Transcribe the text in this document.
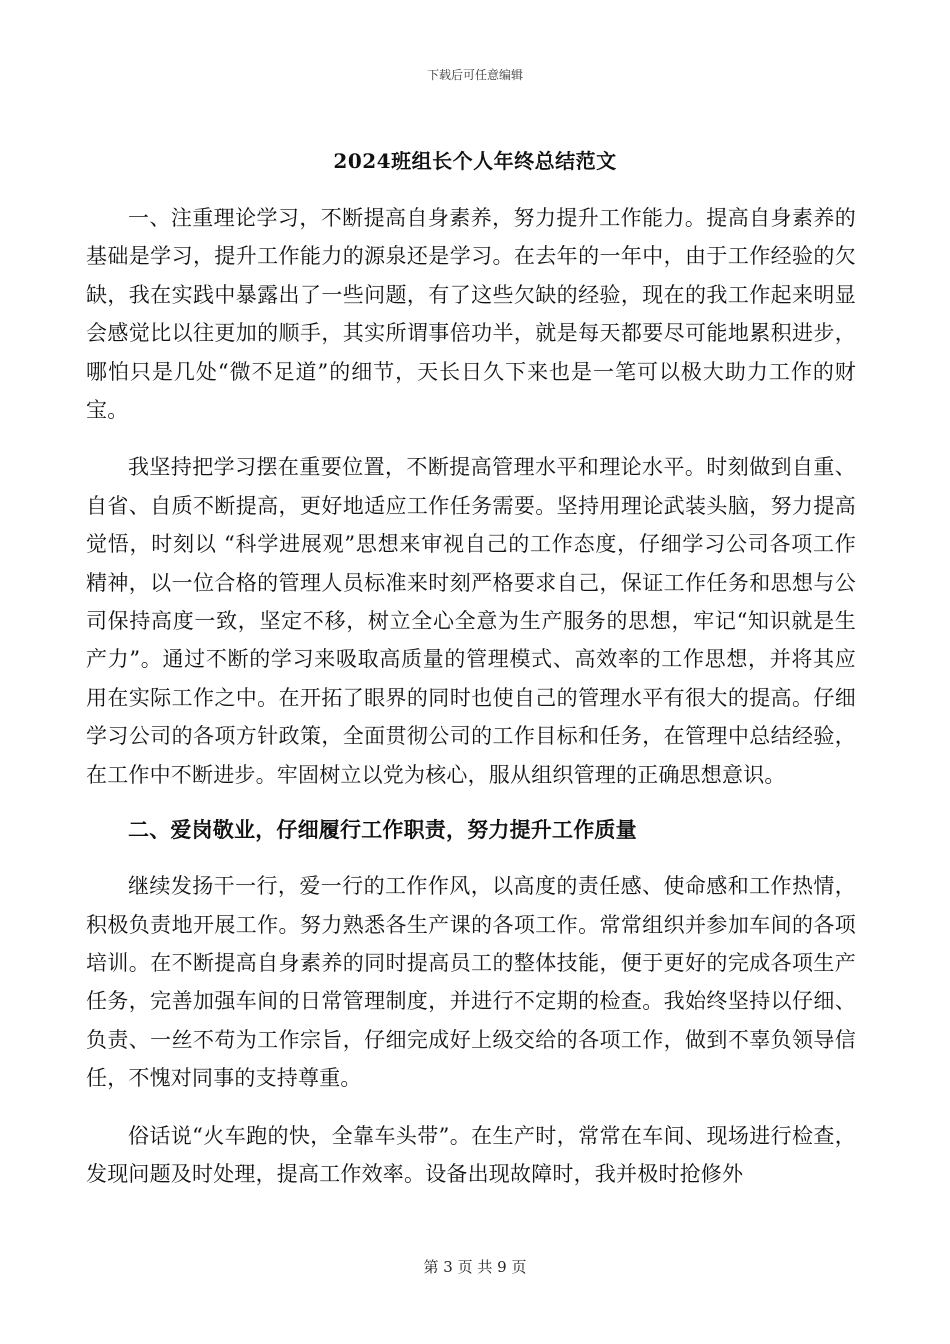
下载后可任意编辑
2024班组长个人年终总结范文

一、注重理论学习，不断提高自身素养，努力提升工作能力。提高自身素养的基础是学习，提升工作能力的源泉还是学习。在去年的一年中，由于工作经验的欠缺，我在实践中暴露出了一些问题，有了这些欠缺的经验，现在的我工作起来明显会感觉比以往更加的顺手，其实所谓事倍功半，就是每天都要尽可能地累积进步，哪怕只是几处“微不足道”的细节，天长日久下来也是一笔可以极大助力工作的财宝。

我坚持把学习摆在重要位置，不断提高管理水平和理论水平。时刻做到自重、自省、自质不断提高，更好地适应工作任务需要。坚持用理论武装头脑，努力提高觉悟，时刻以 “科学进展观”思想来审视自己的工作态度，仔细学习公司各项工作精神，以一位合格的管理人员标准来时刻严格要求自己，保证工作任务和思想与公司保持高度一致，坚定不移，树立全心全意为生产服务的思想，牢记“知识就是生产力”。通过不断的学习来吸取高质量的管理模式、高效率的工作思想，并将其应用在实际工作之中。在开拓了眼界的同时也使自己的管理水平有很大的提高。仔细学习公司的各项方针政策，全面贯彻公司的工作目标和任务，在管理中总结经验，在工作中不断进步。牢固树立以党为核心，服从组织管理的正确思想意识。

二、爱岗敬业，仔细履行工作职责，努力提升工作质量

继续发扬干一行，爱一行的工作作风，以高度的责任感、使命感和工作热情，积极负责地开展工作。努力熟悉各生产课的各项工作。常常组织并参加车间的各项培训。在不断提高自身素养的同时提高员工的整体技能，便于更好的完成各项生产任务，完善加强车间的日常管理制度，并进行不定期的检查。我始终坚持以仔细、负责、一丝不苟为工作宗旨，仔细完成好上级交给的各项工作，做到不辜负领导信任，不愧对同事的支持尊重。

俗话说“火车跑的快，全靠车头带”。在生产时，常常在车间、现场进行检查，发现问题及时处理，提高工作效率。设备出现故障时，我并极时抢修外

第 3 页 共 9 页
